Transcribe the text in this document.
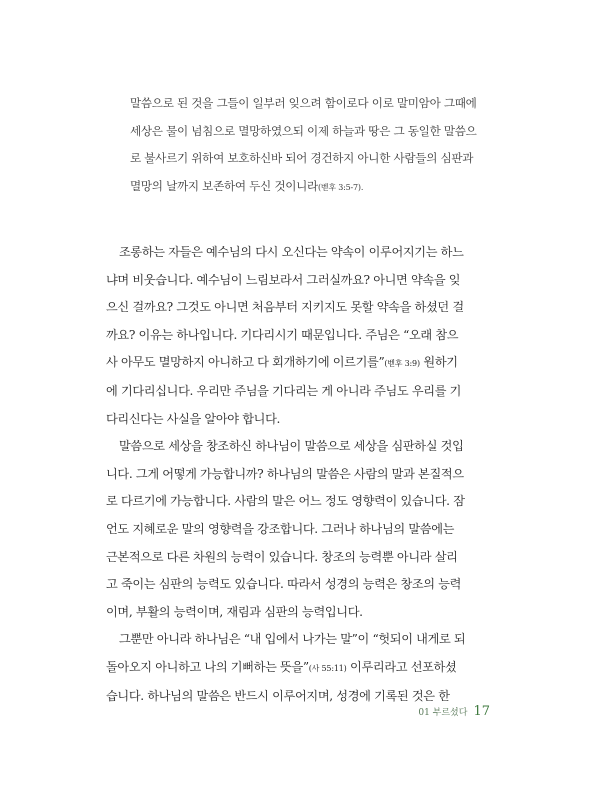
말씀으로 된 것을 그들이 일부러 잊으려 함이로다 이로 말미암아 그때에
세상은 물이 넘침으로 멸망하였으되 이제 하늘과 땅은 그 동일한 말씀으
로 불사르기 위하여 보호하신바 되어 경건하지 아니한 사람들의 심판과
멸망의 날까지 보존하여 두신 것이니라(벧후 3:5-7).
조롱하는 자들은 예수님의 다시 오신다는 약속이 이루어지기는 하느
냐며 비웃습니다. 예수님이 느림보라서 그러실까요? 아니면 약속을 잊
으신 걸까요? 그것도 아니면 처음부터 지키지도 못할 약속을 하셨던 걸
까요? 이유는 하나입니다. 기다리시기 때문입니다. 주님은 “오래 참으
사 아무도 멸망하지 아니하고 다 회개하기에 이르기를”(벧후 3:9) 원하기
에 기다리십니다. 우리만 주님을 기다리는 게 아니라 주님도 우리를 기
다리신다는 사실을 알아야 합니다.
말씀으로 세상을 창조하신 하나님이 말씀으로 세상을 심판하실 것입
니다. 그게 어떻게 가능합니까? 하나님의 말씀은 사람의 말과 본질적으
로 다르기에 가능합니다. 사람의 말은 어느 정도 영향력이 있습니다. 잠
언도 지혜로운 말의 영향력을 강조합니다. 그러나 하나님의 말씀에는
근본적으로 다른 차원의 능력이 있습니다. 창조의 능력뿐 아니라 살리
고 죽이는 심판의 능력도 있습니다. 따라서 성경의 능력은 창조의 능력
이며, 부활의 능력이며, 재림과 심판의 능력입니다.
그뿐만 아니라 하나님은 “내 입에서 나가는 말”이 “헛되이 내게로 되
돌아오지 아니하고 나의 기뻐하는 뜻을”(사 55:11) 이루리라고 선포하셨
습니다. 하나님의 말씀은 반드시 이루어지며, 성경에 기록된 것은 한
01 부르셨다 17
